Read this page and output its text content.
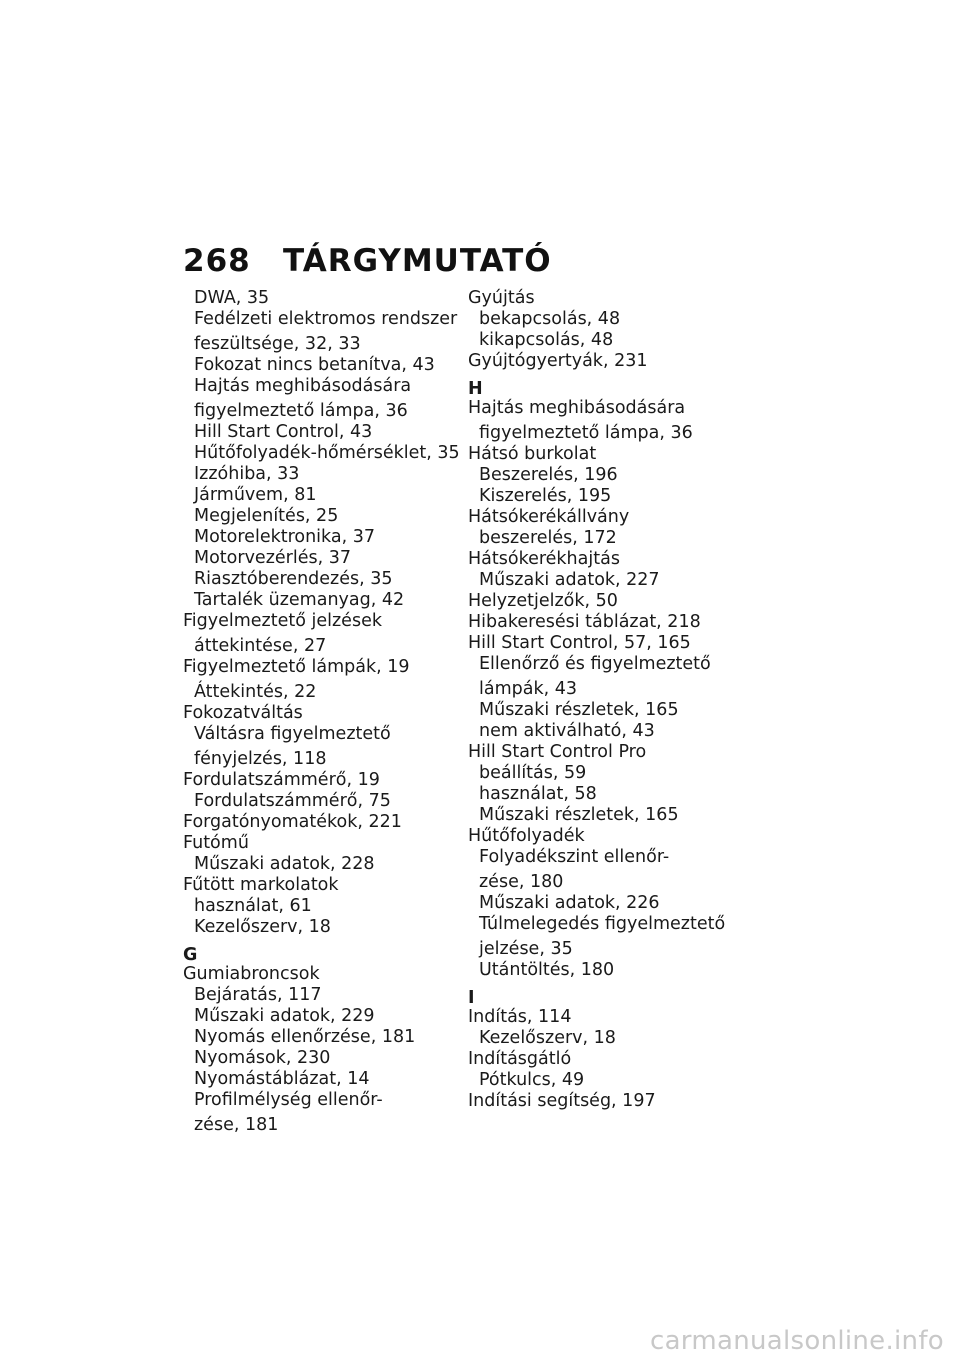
268 TÁRGYMUTATÓ
DWA, 35
Fedélzeti elektromos rendszer
feszültsége, 32, 33
Fokozat nincs betanítva, 43
Hajtás meghibásodására
figyelmeztető lámpa, 36
Hill Start Control, 43
Hűtőfolyadék-hőmérséklet, 35
Izzóhiba, 33
Járművem, 81
Megjelenítés, 25
Motorelektronika, 37
Motorvezérlés, 37
Riasztóberendezés, 35
Tartalék üzemanyag, 42
Figyelmeztető jelzések
áttekintése, 27
Figyelmeztető lámpák, 19
Áttekintés, 22
Fokozatváltás
Váltásra figyelmeztető
fényjelzés, 118
Fordulatszámmérő, 19
Fordulatszámmérő, 75
Forgatónyomatékok, 221
Futómű
Műszaki adatok, 228
Fűtött markolatok
használat, 61
Kezelőszerv, 18
G
Gumiabroncsok
Bejáratás, 117
Műszaki adatok, 229
Nyomás ellenőrzése, 181
Nyomások, 230
Nyomástáblázat, 14
Profilmélység ellenőr-
zése, 181
Gyújtás
bekapcsolás, 48
kikapcsolás, 48
Gyújtógyertyák, 231
H
Hajtás meghibásodására
figyelmeztető lámpa, 36
Hátsó burkolat
Beszerelés, 196
Kiszerelés, 195
Hátsókerékállvány
beszerelés, 172
Hátsókerékhajtás
Műszaki adatok, 227
Helyzetjelzők, 50
Hibakeresési táblázat, 218
Hill Start Control, 57, 165
Ellenőrző és figyelmeztető
lámpák, 43
Műszaki részletek, 165
nem aktiválható, 43
Hill Start Control Pro
beállítás, 59
használat, 58
Műszaki részletek, 165
Hűtőfolyadék
Folyadékszint ellenőr-
zése, 180
Műszaki adatok, 226
Túlmelegedés figyelmeztető
jelzése, 35
Utántöltés, 180
I
Indítás, 114
Kezelőszerv, 18
Indításgátló
Pótkulcs, 49
Indítási segítség, 197
carmanualsonline.info
